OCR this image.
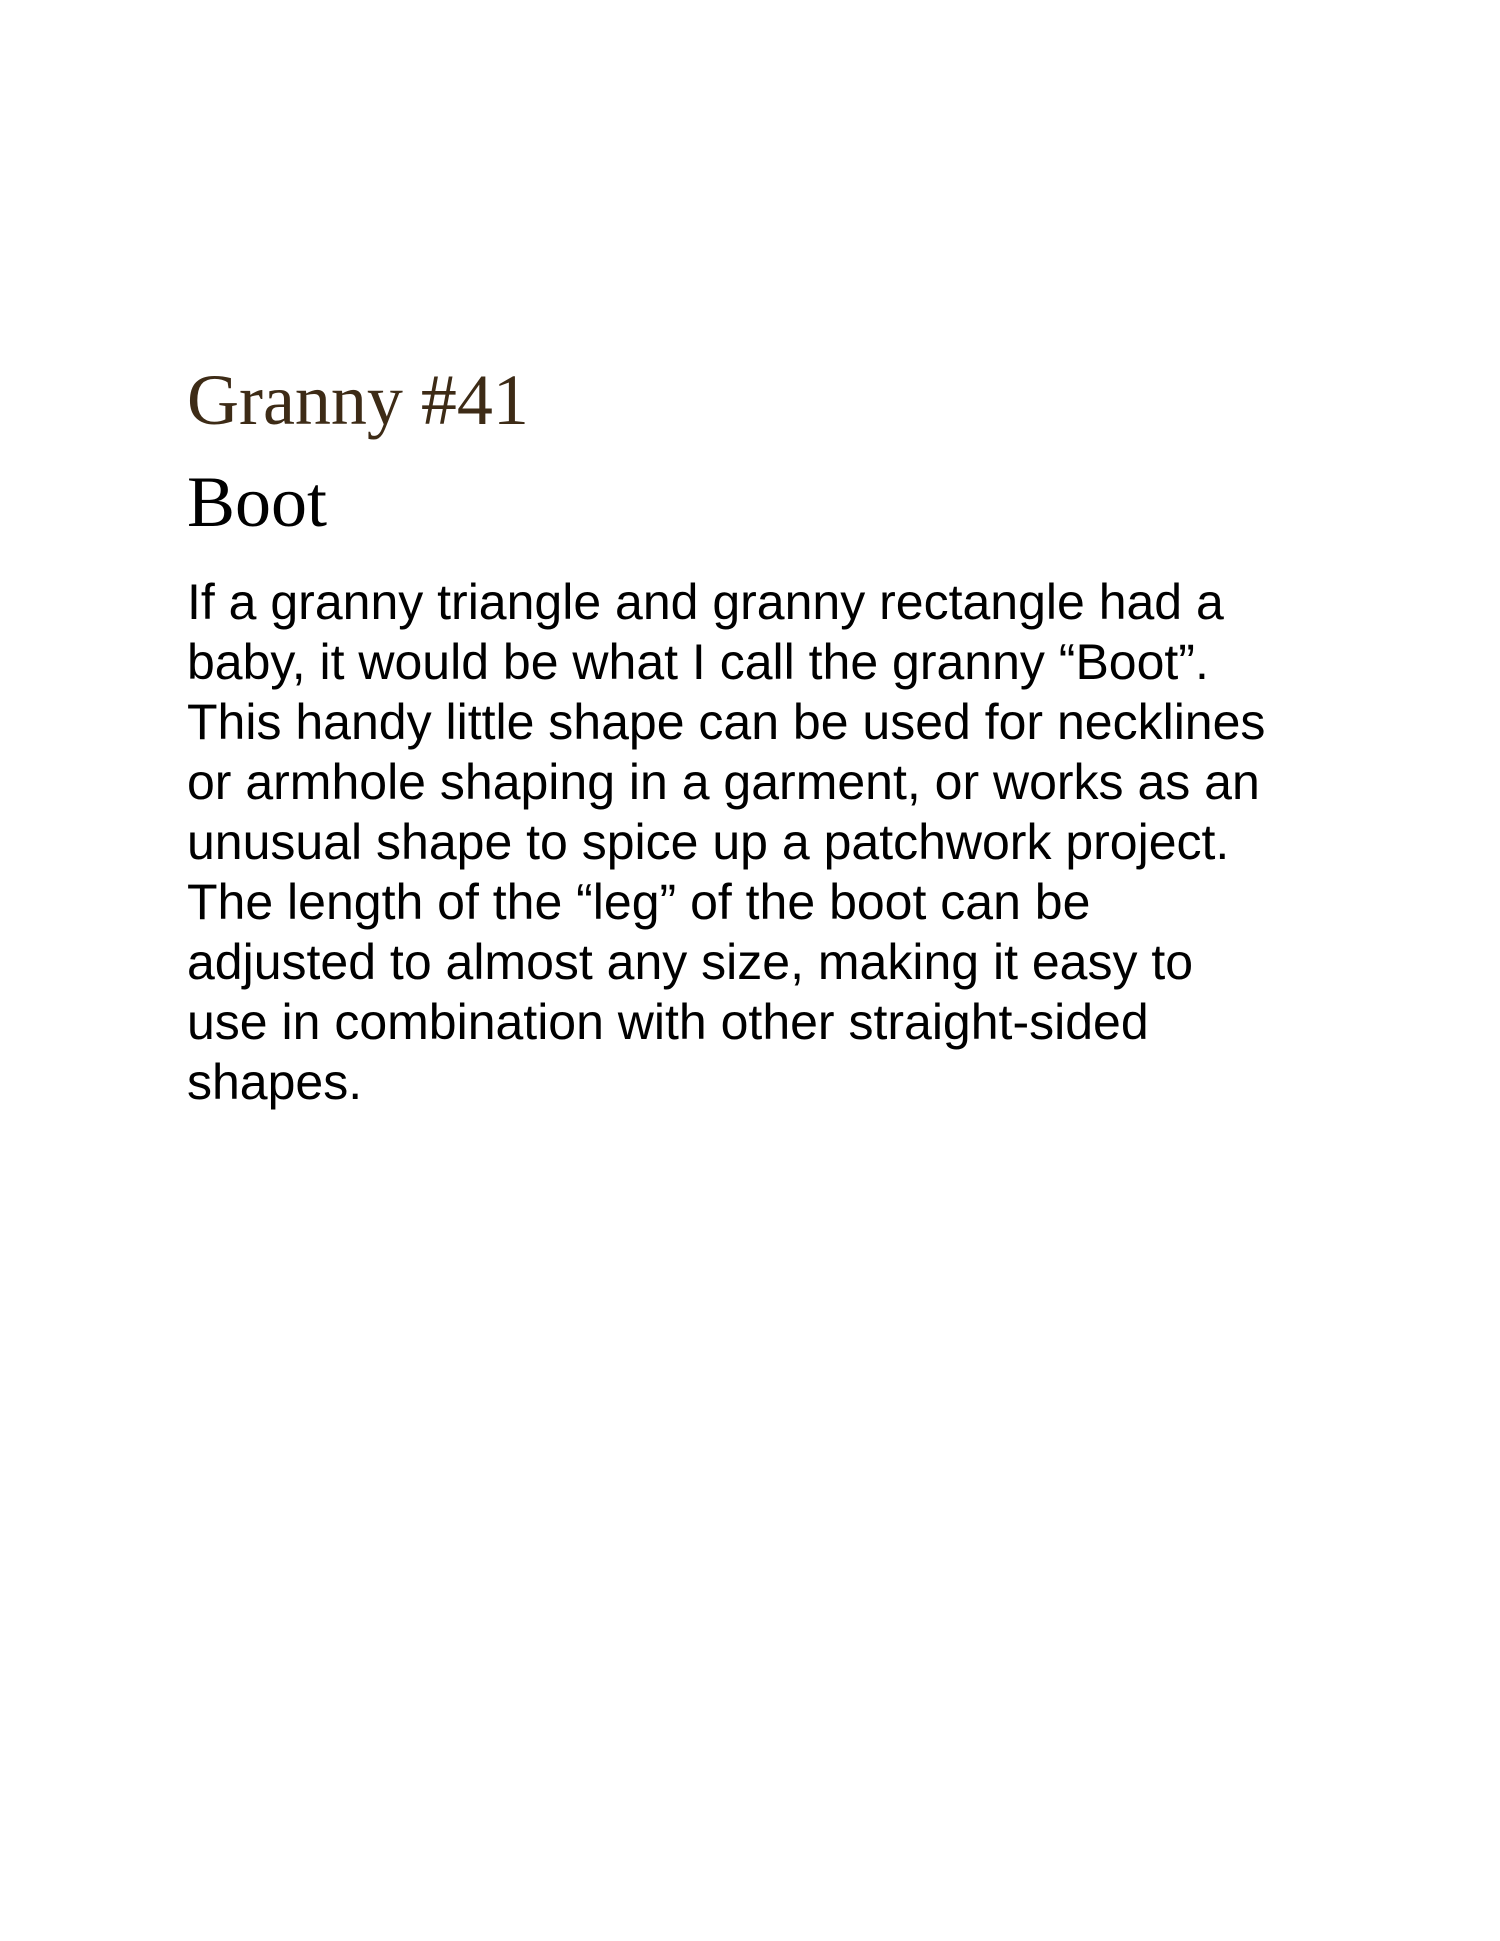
Granny #41
Boot
If a granny triangle and granny rectangle had a
baby, it would be what I call the granny “Boot”.
This handy little shape can be used for necklines
or armhole shaping in a garment, or works as an
unusual shape to spice up a patchwork project.
The length of the “leg” of the boot can be
adjusted to almost any size, making it easy to
use in combination with other straight-sided
shapes.
